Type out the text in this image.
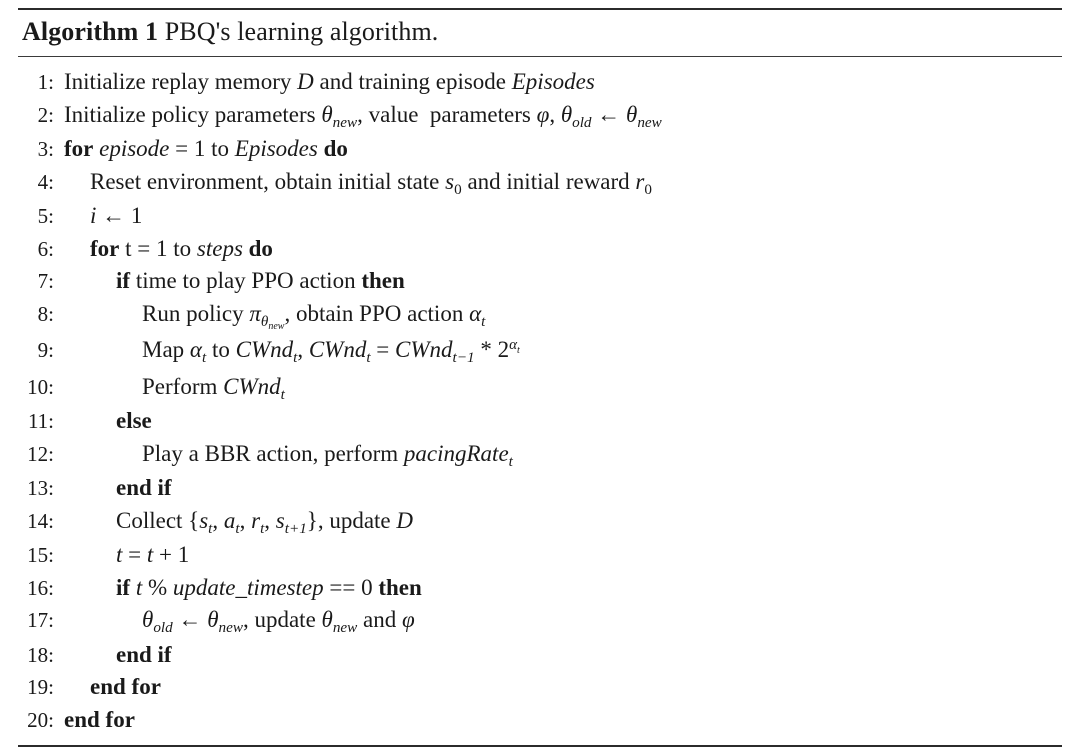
Algorithm 1 PBQ's learning algorithm.
1: Initialize replay memory D and training episode Episodes
2: Initialize policy parameters $\theta_{new}$, value  parameters φ, $\theta_{old}$ ← $\theta_{new}$
3: for episode = 1 to Episodes do
4:	Reset environment, obtain initial state $s_0$ and initial reward $r_0$
5:	i ← 1
6:	for t = 1 to steps do
7:	if time to play PPO action then
8:	Run policy $\pi_{\theta_{new}}$, obtain PPO action $\alpha_t$
9:	Map $\alpha_t$ to CWnd$_t$, CWnd$_t$ = CWnd$_{t-1}$ * $2^{\alpha_t}$
10:	Perform CWnd$_t$
11:	else
12:	Play a BBR action, perform pacingRate$_t$
13:	end if
14:	Collect {$s_t$, $a_t$, $r_t$, $s_{t+1}$}, update D
15:	t = t + 1
16:	if t % update_timestep == 0 then
17:	$\theta_{old}$ ← $\theta_{new}$, update $\theta_{new}$ and φ
18:	end if
19:	end for
20: end for
